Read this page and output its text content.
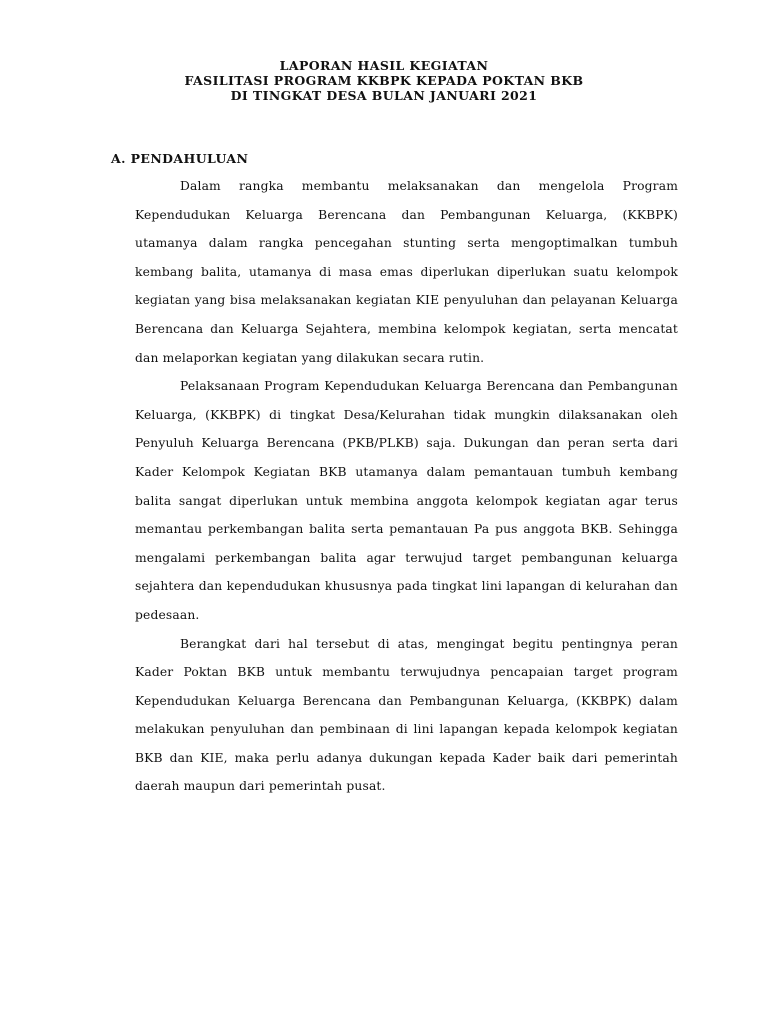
LAPORAN HASIL KEGIATAN
FASILITASI PROGRAM KKBPK KEPADA POKTAN BKB
DI TINGKAT DESA BULAN JANUARI 2021
A. PENDAHULUAN

Dalam rangka membantu melaksanakan dan mengelola Program Kependudukan Keluarga Berencana dan Pembangunan Keluarga, (KKBPK) utamanya dalam rangka pencegahan stunting serta mengoptimalkan tumbuh kembang balita, utamanya di masa emas diperlukan diperlukan suatu kelompok kegiatan yang bisa melaksanakan kegiatan KIE penyuluhan dan pelayanan Keluarga Berencana dan Keluarga Sejahtera, membina kelompok kegiatan, serta mencatat dan melaporkan kegiatan yang dilakukan secara rutin.

Pelaksanaan Program Kependudukan Keluarga Berencana dan Pembangunan Keluarga, (KKBPK) di tingkat Desa/Kelurahan tidak mungkin dilaksanakan oleh Penyuluh Keluarga Berencana (PKB/PLKB) saja. Dukungan dan peran serta dari Kader Kelompok Kegiatan BKB utamanya dalam pemantauan tumbuh kembang balita sangat diperlukan untuk membina anggota kelompok kegiatan agar terus memantau perkembangan balita serta pemantauan Pa pus anggota BKB. Sehingga mengalami perkembangan balita agar terwujud target pembangunan keluarga sejahtera dan kependudukan khususnya pada tingkat lini lapangan di kelurahan dan pedesaan.

Berangkat dari hal tersebut di atas, mengingat begitu pentingnya peran Kader Poktan BKB untuk membantu terwujudnya pencapaian target program Kependudukan Keluarga Berencana dan Pembangunan Keluarga, (KKBPK) dalam melakukan penyuluhan dan pembinaan di lini lapangan kepada kelompok kegiatan BKB dan KIE, maka perlu adanya dukungan kepada Kader baik dari pemerintah daerah maupun dari pemerintah pusat.
